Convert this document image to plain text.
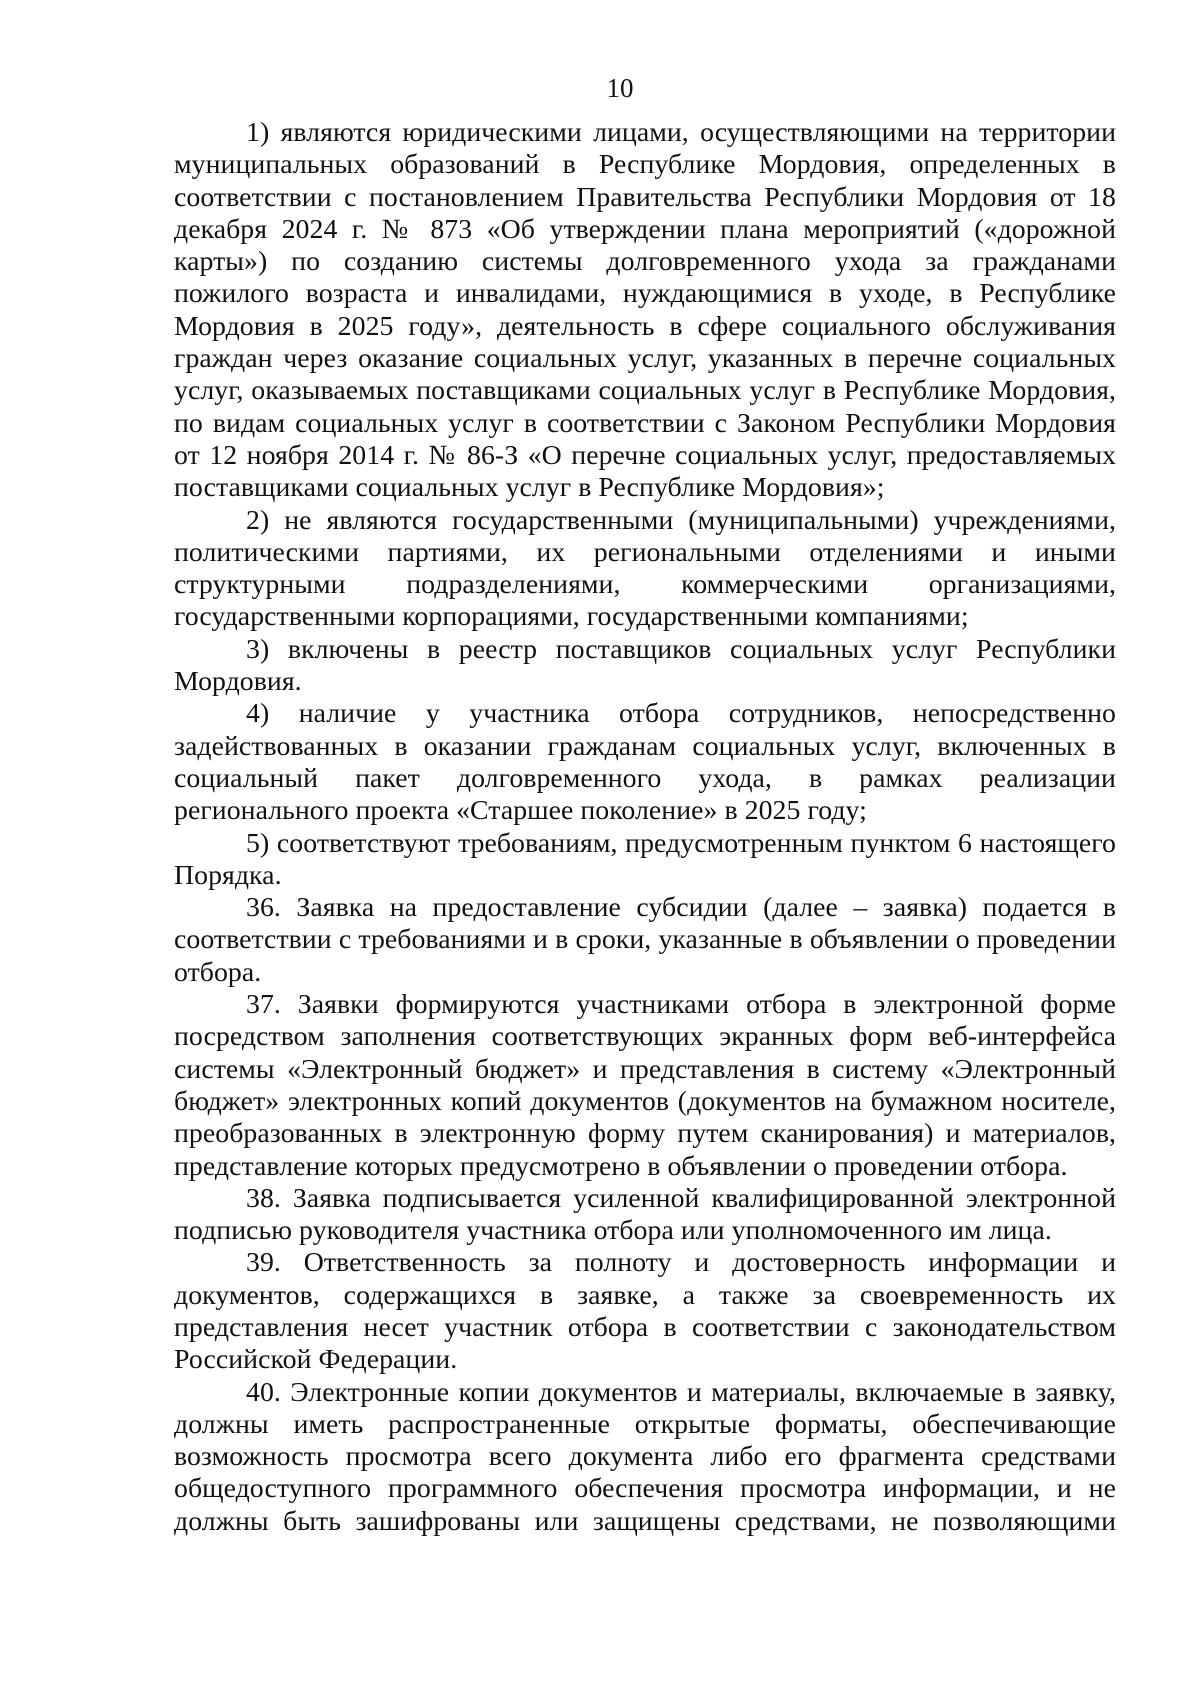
10

1) являются юридическими лицами, осуществляющими на территории муниципальных образований в Республике Мордовия, определенных в соответствии с постановлением Правительства Республики Мордовия от 18 декабря 2024 г. № 873 «Об утверждении плана мероприятий («дорожной карты») по созданию системы долговременного ухода за гражданами пожилого возраста и инвалидами, нуждающимися в уходе, в Республике Мордовия в 2025 году», деятельность в сфере социального обслуживания граждан через оказание социальных услуг, указанных в перечне социальных услуг, оказываемых поставщиками социальных услуг в Республике Мордовия, по видам социальных услуг в соответствии с Законом Республики Мордовия от 12 ноября 2014 г. № 86-З «О перечне социальных услуг, предоставляемых поставщиками социальных услуг в Республике Мордовия»;

2) не являются государственными (муниципальными) учреждениями, политическими партиями, их региональными отделениями и иными структурными подразделениями, коммерческими организациями, государственными корпорациями, государственными компаниями;

3) включены в реестр поставщиков социальных услуг Республики Мордовия.

4) наличие у участника отбора сотрудников, непосредственно задействованных в оказании гражданам социальных услуг, включенных в социальный пакет долговременного ухода, в рамках реализации регионального проекта «Старшее поколение» в 2025 году;

5) соответствуют требованиям, предусмотренным пунктом 6 настоящего Порядка.

36. Заявка на предоставление субсидии (далее – заявка) подается в соответствии с требованиями и в сроки, указанные в объявлении о проведении отбора.

37. Заявки формируются участниками отбора в электронной форме посредством заполнения соответствующих экранных форм веб-интерфейса системы «Электронный бюджет» и представления в систему «Электронный бюджет» электронных копий документов (документов на бумажном носителе, преобразованных в электронную форму путем сканирования) и материалов, представление которых предусмотрено в объявлении о проведении отбора.

38. Заявка подписывается усиленной квалифицированной электронной подписью руководителя участника отбора или уполномоченного им лица.

39. Ответственность за полноту и достоверность информации и документов, содержащихся в заявке, а также за своевременность их представления несет участник отбора в соответствии с законодательством Российской Федерации.

40. Электронные копии документов и материалы, включаемые в заявку, должны иметь распространенные открытые форматы, обеспечивающие возможность просмотра всего документа либо его фрагмента средствами общедоступного программного обеспечения просмотра информации, и не должны быть зашифрованы или защищены средствами, не позволяющими
